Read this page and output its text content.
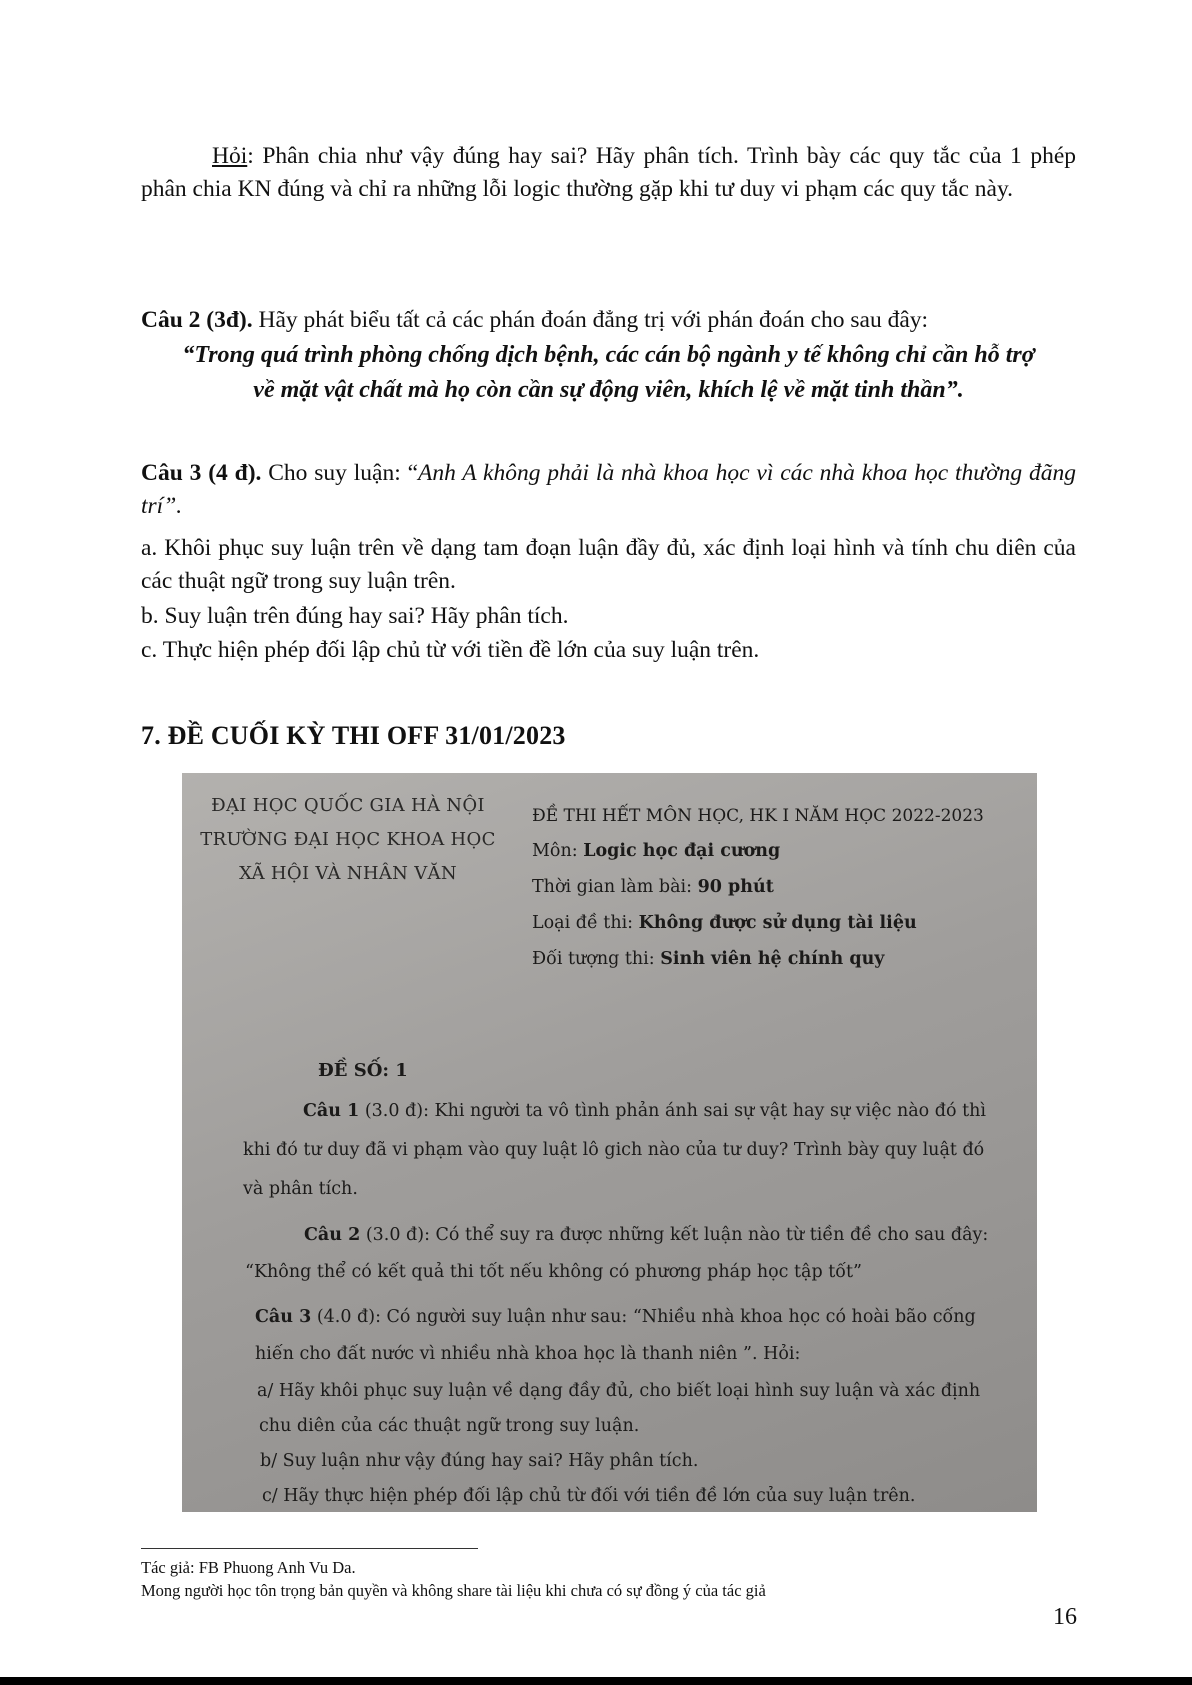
Hỏi: Phân chia như vậy đúng hay sai? Hãy phân tích. Trình bày các quy tắc của 1 phép phân chia KN đúng và chỉ ra những lỗi logic thường gặp khi tư duy vi phạm các quy tắc này.

Câu 2 (3đ). Hãy phát biểu tất cả các phán đoán đẳng trị với phán đoán cho sau đây:

“Trong quá trình phòng chống dịch bệnh, các cán bộ ngành y tế không chỉ cần hỗ trợ
về mặt vật chất mà họ còn cần sự động viên, khích lệ về mặt tinh thần”.

Câu 3 (4 đ). Cho suy luận: “Anh A không phải là nhà khoa học vì các nhà khoa học thường đãng trí”.

a. Khôi phục suy luận trên về dạng tam đoạn luận đầy đủ, xác định loại hình và tính chu diên của các thuật ngữ trong suy luận trên.
b. Suy luận trên đúng hay sai? Hãy phân tích.
c. Thực hiện phép đối lập chủ từ với tiền đề lớn của suy luận trên.
7. ĐỀ CUỐI KỲ THI OFF 31/01/2023
ĐẠI HỌC QUỐC GIA HÀ NỘI
TRƯỜNG ĐẠI HỌC KHOA HỌC
XÃ HỘI VÀ NHÂN VĂN
ĐỀ THI HẾT MÔN HỌC, HK I NĂM HỌC 2022-2023
Môn: Logic học đại cương
Thời gian làm bài: 90 phút
Loại đề thi: Không được sử dụng tài liệu
Đối tượng thi: Sinh viên hệ chính quy
ĐỀ SỐ: 1
Câu 1 (3.0 đ): Khi người ta vô tình phản ánh sai sự vật hay sự việc nào đó thì
khi đó tư duy đã vi phạm vào quy luật lô gich nào của tư duy? Trình bày quy luật đó
và phân tích.
Câu 2 (3.0 đ): Có thể suy ra được những kết luận nào từ tiền đề cho sau đây:
“Không thể có kết quả thi tốt nếu không có phương pháp học tập tốt”
Câu 3 (4.0 đ): Có người suy luận như sau: “Nhiều nhà khoa học có hoài bão cống
hiến cho đất nước vì nhiều nhà khoa học là thanh niên ”. Hỏi:
a/ Hãy khôi phục suy luận về dạng đầy đủ, cho biết loại hình suy luận và xác định
chu diên của các thuật ngữ trong suy luận.
b/ Suy luận như vậy đúng hay sai? Hãy phân tích.
c/ Hãy thực hiện phép đối lập chủ từ đối với tiền đề lớn của suy luận trên.
Tác giả: FB Phuong Anh Vu Da.
Mong người học tôn trọng bản quyền và không share tài liệu khi chưa có sự đồng ý của tác giả
16
